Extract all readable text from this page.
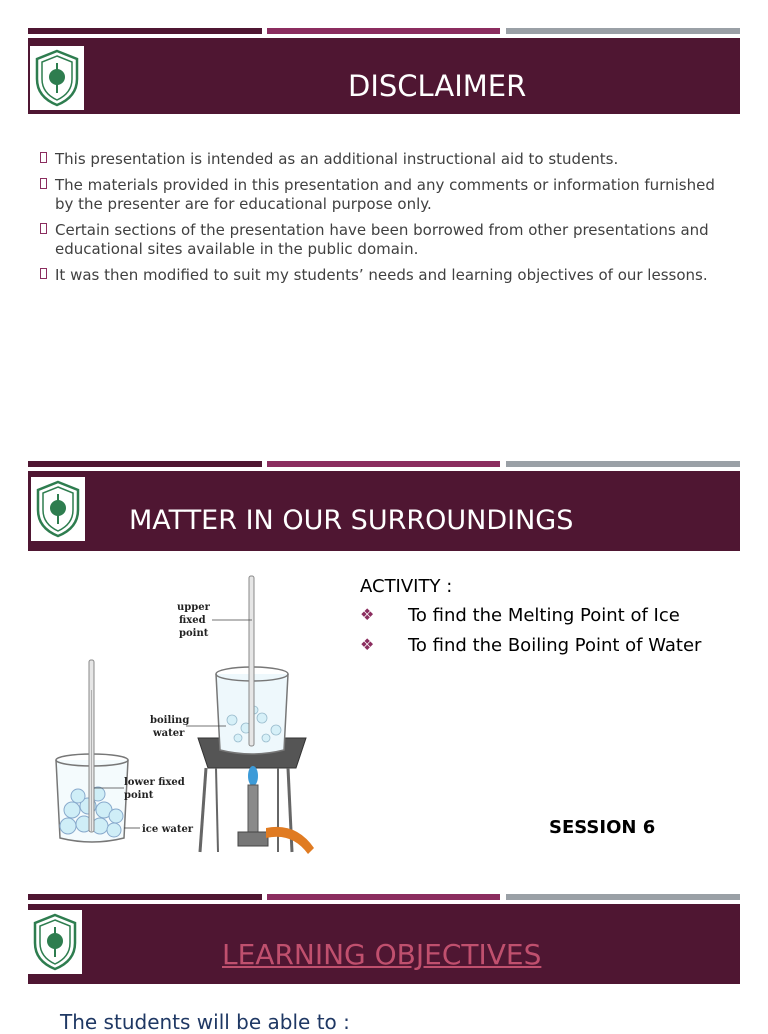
DISCLAIMER
This presentation is intended as an additional instructional aid to students.
The materials provided in this presentation and any comments or information furnished by the presenter are for educational purpose only.
Certain sections of the presentation have been borrowed from other presentations and educational sites available in the public domain.
It was then modified to suit my students’ needs and learning objectives of our lessons.
MATTER IN OUR SURROUNDINGS
upper
fixed
point
boiling
water
lower fixed
point
ice water
ACTIVITY :
❖ To find the Melting Point of Ice
❖ To find the Boiling Point of Water
SESSION 6
LEARNING OBJECTIVES
The students will be able to :
